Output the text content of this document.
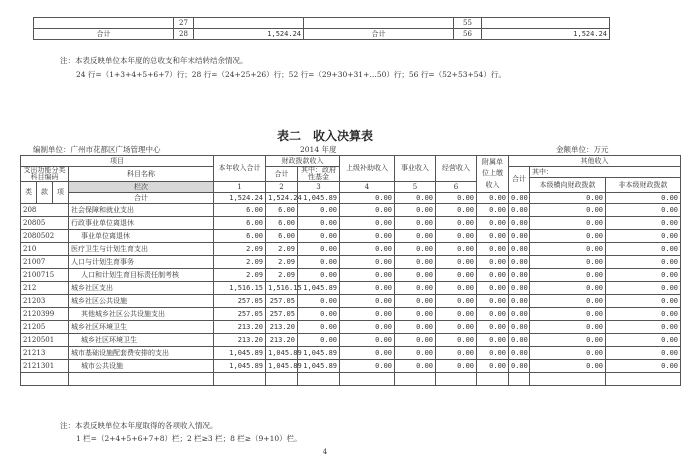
	27			55	
合计	28	1,524.24	合计	56	1,524.24
注：本表反映单位本年度的总收支和年末结转结余情况。
24 行=（1+3+4+5+6+7）行；28 行=（24+25+26）行；52 行=（29+30+31+…50）行；56 行=（52+53+54）行。
表二　收入决算表
编制单位：广州市花都区广场管理中心	2014 年度	金额单位：万元
项目				本年收入合计	财政拨款收入		上级补助收入	事业收入	经营收入	附属单位上缴收入	其他收入		
支出功能分类科目编码			科目名称		合计	其中：政府性基金					合计	其中：	
												本级横向财政拨款	非本级财政拨款
类	款	项	栏次	1	2	3	4	5	6				
			合计	1,524.24	1,524.24	1,045.89	0.00	0.00	0.00	0.00	0.00	0.00	0.00
208			社会保障和就业支出	6.00	6.00	0.00	0.00	0.00	0.00	0.00	0.00	0.00	0.00
20805			行政事业单位离退休	6.00	6.00	0.00	0.00	0.00	0.00	0.00	0.00	0.00	0.00
2080502			事业单位离退休	6.00	6.00	0.00	0.00	0.00	0.00	0.00	0.00	0.00	0.00
210			医疗卫生与计划生育支出	2.09	2.09	0.00	0.00	0.00	0.00	0.00	0.00	0.00	0.00
21007			人口与计划生育事务	2.09	2.09	0.00	0.00	0.00	0.00	0.00	0.00	0.00	0.00
2100715			人口和计划生育目标责任制考核	2.09	2.09	0.00	0.00	0.00	0.00	0.00	0.00	0.00	0.00
212			城乡社区支出	1,516.15	1,516.15	1,045.89	0.00	0.00	0.00	0.00	0.00	0.00	0.00
21203			城乡社区公共设施	257.05	257.05	0.00	0.00	0.00	0.00	0.00	0.00	0.00	0.00
2120399			其他城乡社区公共设施支出	257.05	257.05	0.00	0.00	0.00	0.00	0.00	0.00	0.00	0.00
21205			城乡社区环境卫生	213.20	213.20	0.00	0.00	0.00	0.00	0.00	0.00	0.00	0.00
2120501			城乡社区环境卫生	213.20	213.20	0.00	0.00	0.00	0.00	0.00	0.00	0.00	0.00
21213			城市基础设施配套费安排的支出	1,045.89	1,045.89	1,045.89	0.00	0.00	0.00	0.00	0.00	0.00	0.00
2121301			城市公共设施	1,045.89	1,045.89	1,045.89	0.00	0.00	0.00	0.00	0.00	0.00	0.00

注：本表反映单位本年度取得的各项收入情况。
1 栏=（2+4+5+6+7+8）栏；2 栏≥3 栏；8 栏≥（9+10）栏。
4
